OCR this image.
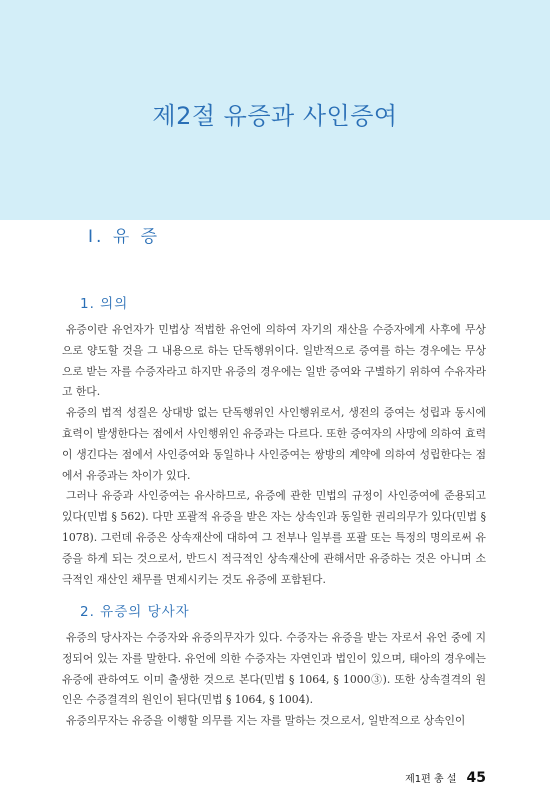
제2절 유증과 사인증여
Ⅰ. 유 증
1. 의의

유증이란 유언자가 민법상 적법한 유언에 의하여 자기의 재산을 수증자에게 사후에 무상으로 양도할 것을 그 내용으로 하는 단독행위이다. 일반적으로 증여를 하는 경우에는 무상으로 받는 자를 수증자라고 하지만 유증의 경우에는 일반 증여와 구별하기 위하여 수유자라고 한다.

유증의 법적 성질은 상대방 없는 단독행위인 사인행위로서, 생전의 증여는 성립과 동시에 효력이 발생한다는 점에서 사인행위인 유증과는 다르다. 또한 증여자의 사망에 의하여 효력이 생긴다는 점에서 사인증여와 동일하나 사인증여는 쌍방의 계약에 의하여 성립한다는 점에서 유증과는 차이가 있다.

그러나 유증과 사인증여는 유사하므로, 유증에 관한 민법의 규정이 사인증여에 준용되고 있다(민법 § 562). 다만 포괄적 유증을 받은 자는 상속인과 동일한 권리의무가 있다(민법 § 1078). 그런데 유증은 상속재산에 대하여 그 전부나 일부를 포괄 또는 특정의 명의로써 유증을 하게 되는 것으로서, 반드시 적극적인 상속재산에 관해서만 유증하는 것은 아니며 소극적인 재산인 채무를 면제시키는 것도 유증에 포함된다.

2. 유증의 당사자

유증의 당사자는 수증자와 유증의무자가 있다. 수증자는 유증을 받는 자로서 유언 중에 지정되어 있는 자를 말한다. 유언에 의한 수증자는 자연인과 법인이 있으며, 태아의 경우에는 유증에 관하여도 이미 출생한 것으로 본다(민법 § 1064, § 1000③). 또한 상속결격의 원인은 수증결격의 원인이 된다(민법 § 1064, § 1004).

유증의무자는 유증을 이행할 의무를 지는 자를 말하는 것으로서, 일반적으로 상속인이

제1편 총 설 45
